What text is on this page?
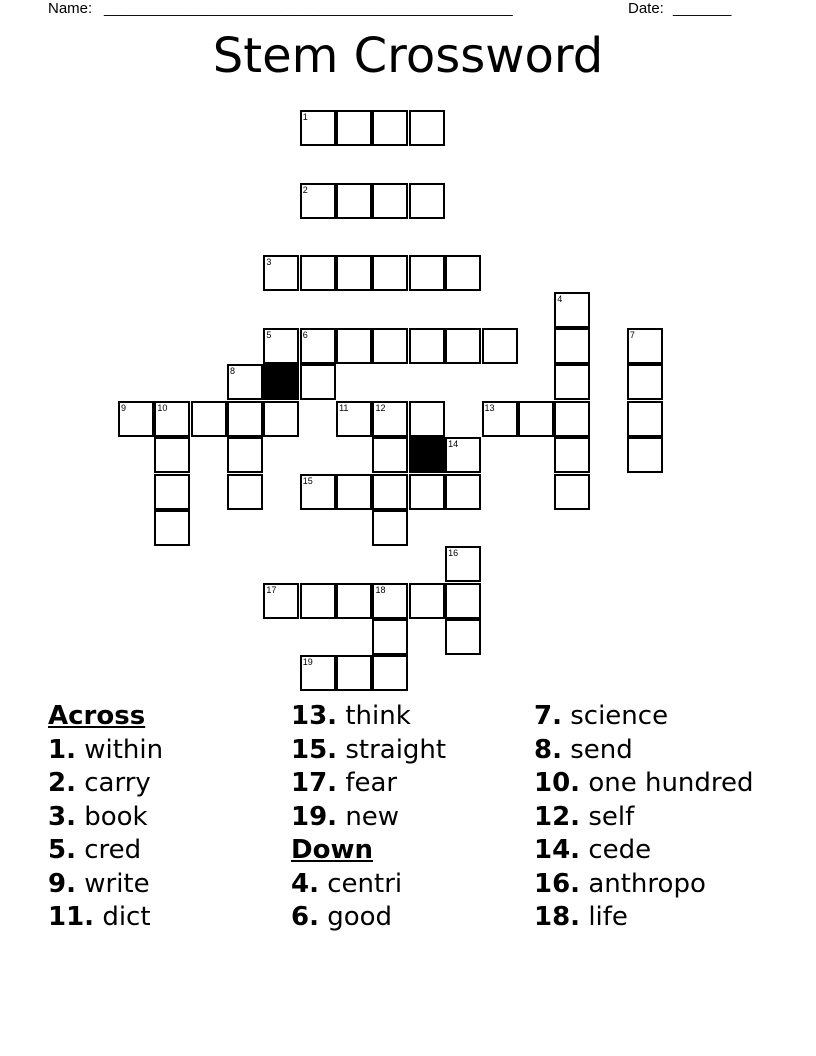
Name: _________________________________________________	Date: _______
Stem Crossword
1
2
3
4
5	6	7
8
9	10	11	12	13
14
15
16
17	18
19
Across
1. within
2. carry
3. book
5. cred
9. write
11. dict
13. think
15. straight
17. fear
19. new
Down
4. centri
6. good
7. science
8. send
10. one hundred
12. self
14. cede
16. anthropo
18. life
